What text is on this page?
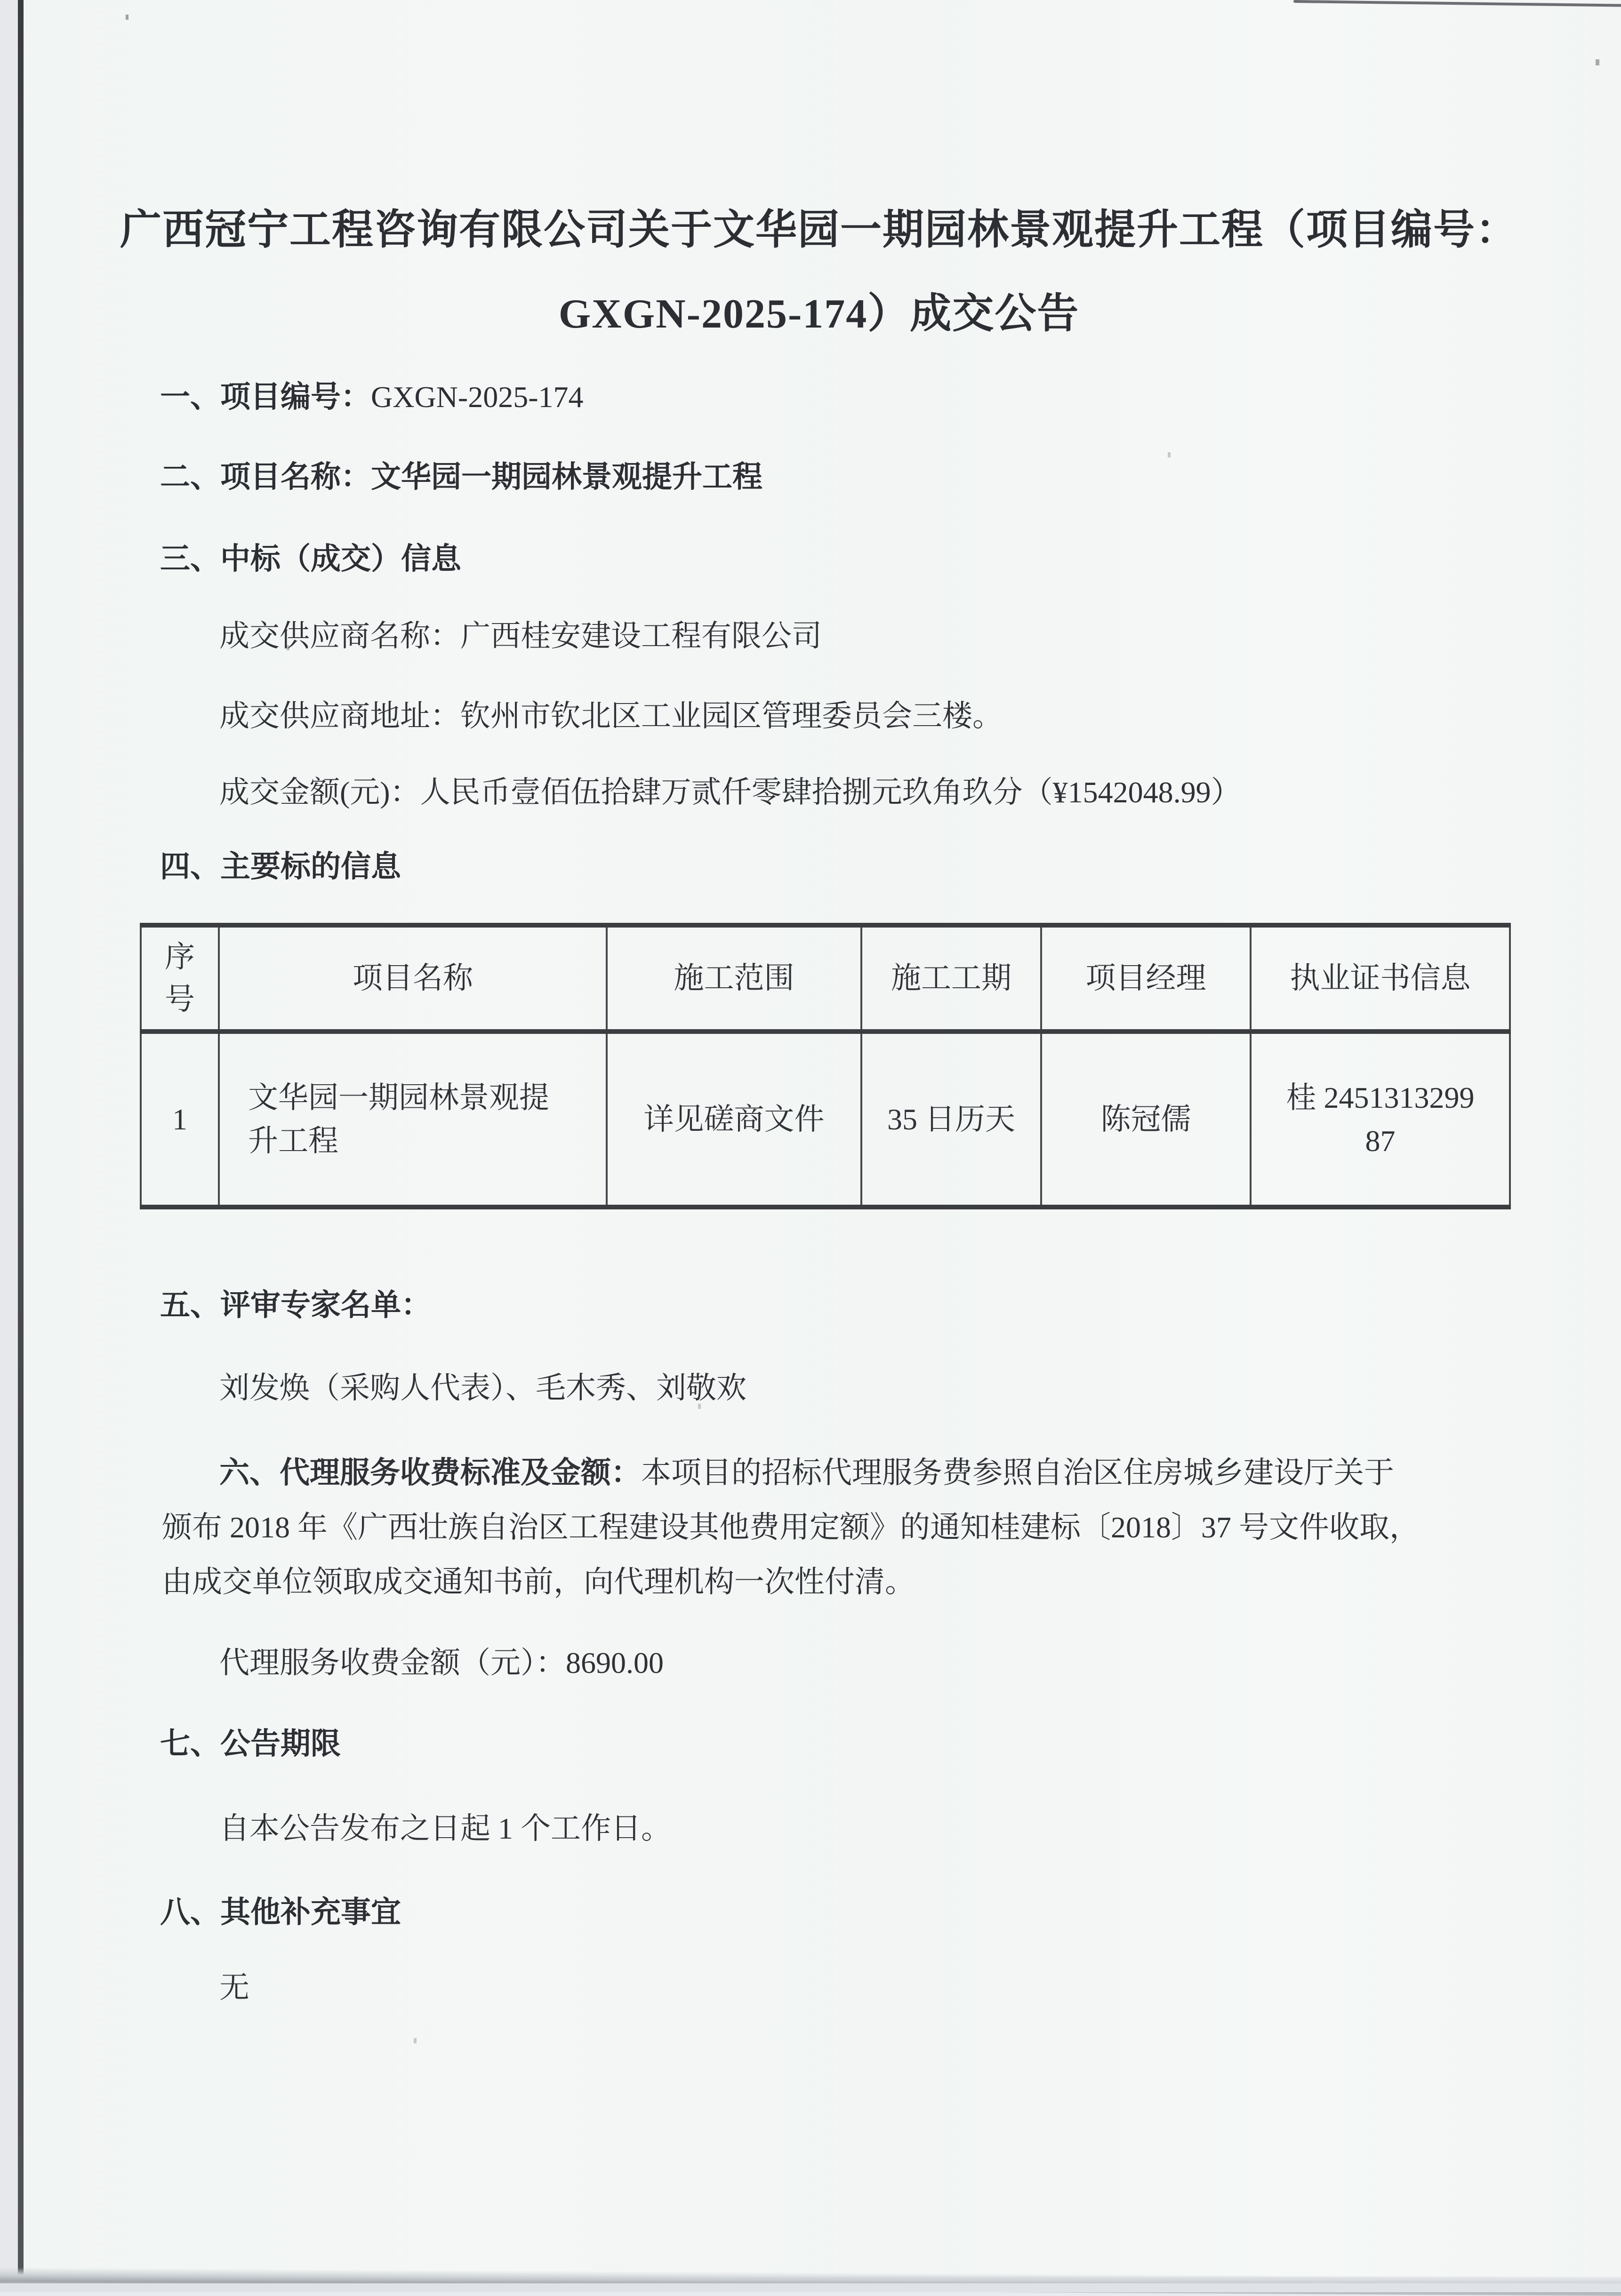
广西冠宁工程咨询有限公司关于文华园一期园林景观提升工程（项目编号：
GXGN-2025-174）成交公告
一、项目编号：GXGN-2025-174
二、项目名称：文华园一期园林景观提升工程
三、中标（成交）信息
成交供应商名称：广西桂安建设工程有限公司
成交供应商地址：钦州市钦北区工业园区管理委员会三楼。
成交金额(元)：人民币壹佰伍拾肆万贰仟零肆拾捌元玖角玖分（¥1542048.99）
四、主要标的信息
序号	项目名称	施工范围	施工工期	项目经理	执业证书信息
1	文华园一期园林景观提升工程	详见磋商文件	35 日历天	陈冠儒	桂 245131329987
五、评审专家名单：
刘发焕（采购人代表）、毛木秀、刘敬欢
六、代理服务收费标准及金额：本项目的招标代理服务费参照自治区住房城乡建设厅关于
颁布 2018 年《广西壮族自治区工程建设其他费用定额》的通知桂建标〔2018〕37 号文件收取，
由成交单位领取成交通知书前，向代理机构一次性付清。
代理服务收费金额（元）：8690.00
七、公告期限
自本公告发布之日起 1 个工作日。
八、其他补充事宜
无
